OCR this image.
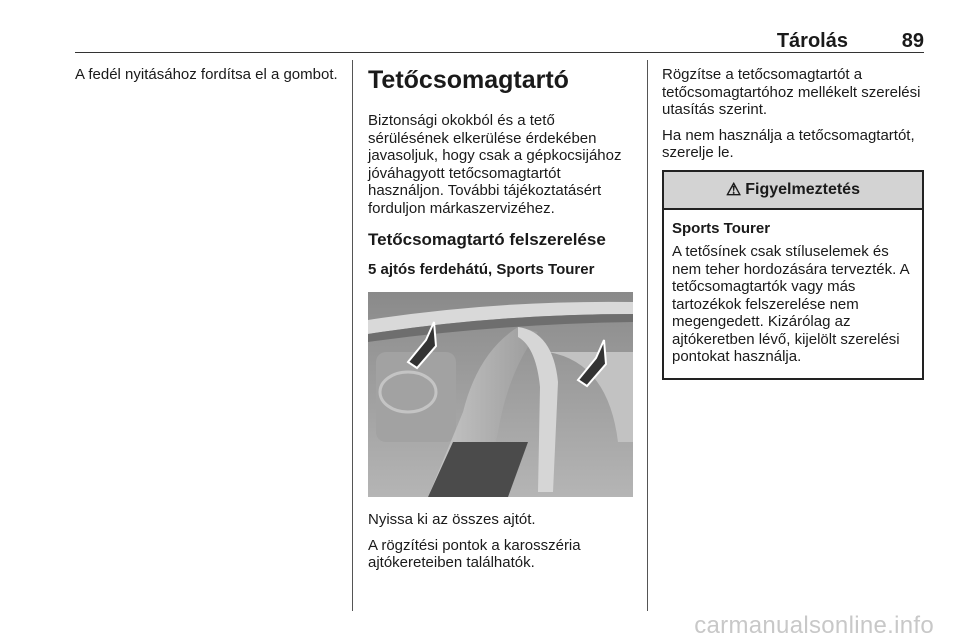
Tárolás	89

A fedél nyitásához fordítsa el a gombot. Tetőcsomagtartó

Biztonsági okokból és a tető sérülésének elkerülése érdekében javasoljuk, hogy csak a gépkocsijához jóváhagyott tetőcsomagtartót használjon. További tájékoztatásért forduljon márkaszervizéhez.

Tetőcsomagtartó felszerelése
5 ajtós ferdehátú, Sports Tourer

Nyissa ki az összes ajtót.

A rögzítési pontok a karosszéria ajtókereteiben találhatók.

Rögzítse a tetőcsomagtartót a tetőcsomagtartóhoz mellékelt szerelési utasítás szerint.

Ha nem használja a tetőcsomagtartót, szerelje le.

⚠ Figyelmeztetés

Sports Tourer

A tetősínek csak stíluselemek és nem teher hordozására tervezték. A tetőcsomagtartók vagy más tartozékok felszerelése nem megengedett. Kizárólag az ajtókeretben lévő, kijelölt szerelési pontokat használja.

carmanualsonline.info
